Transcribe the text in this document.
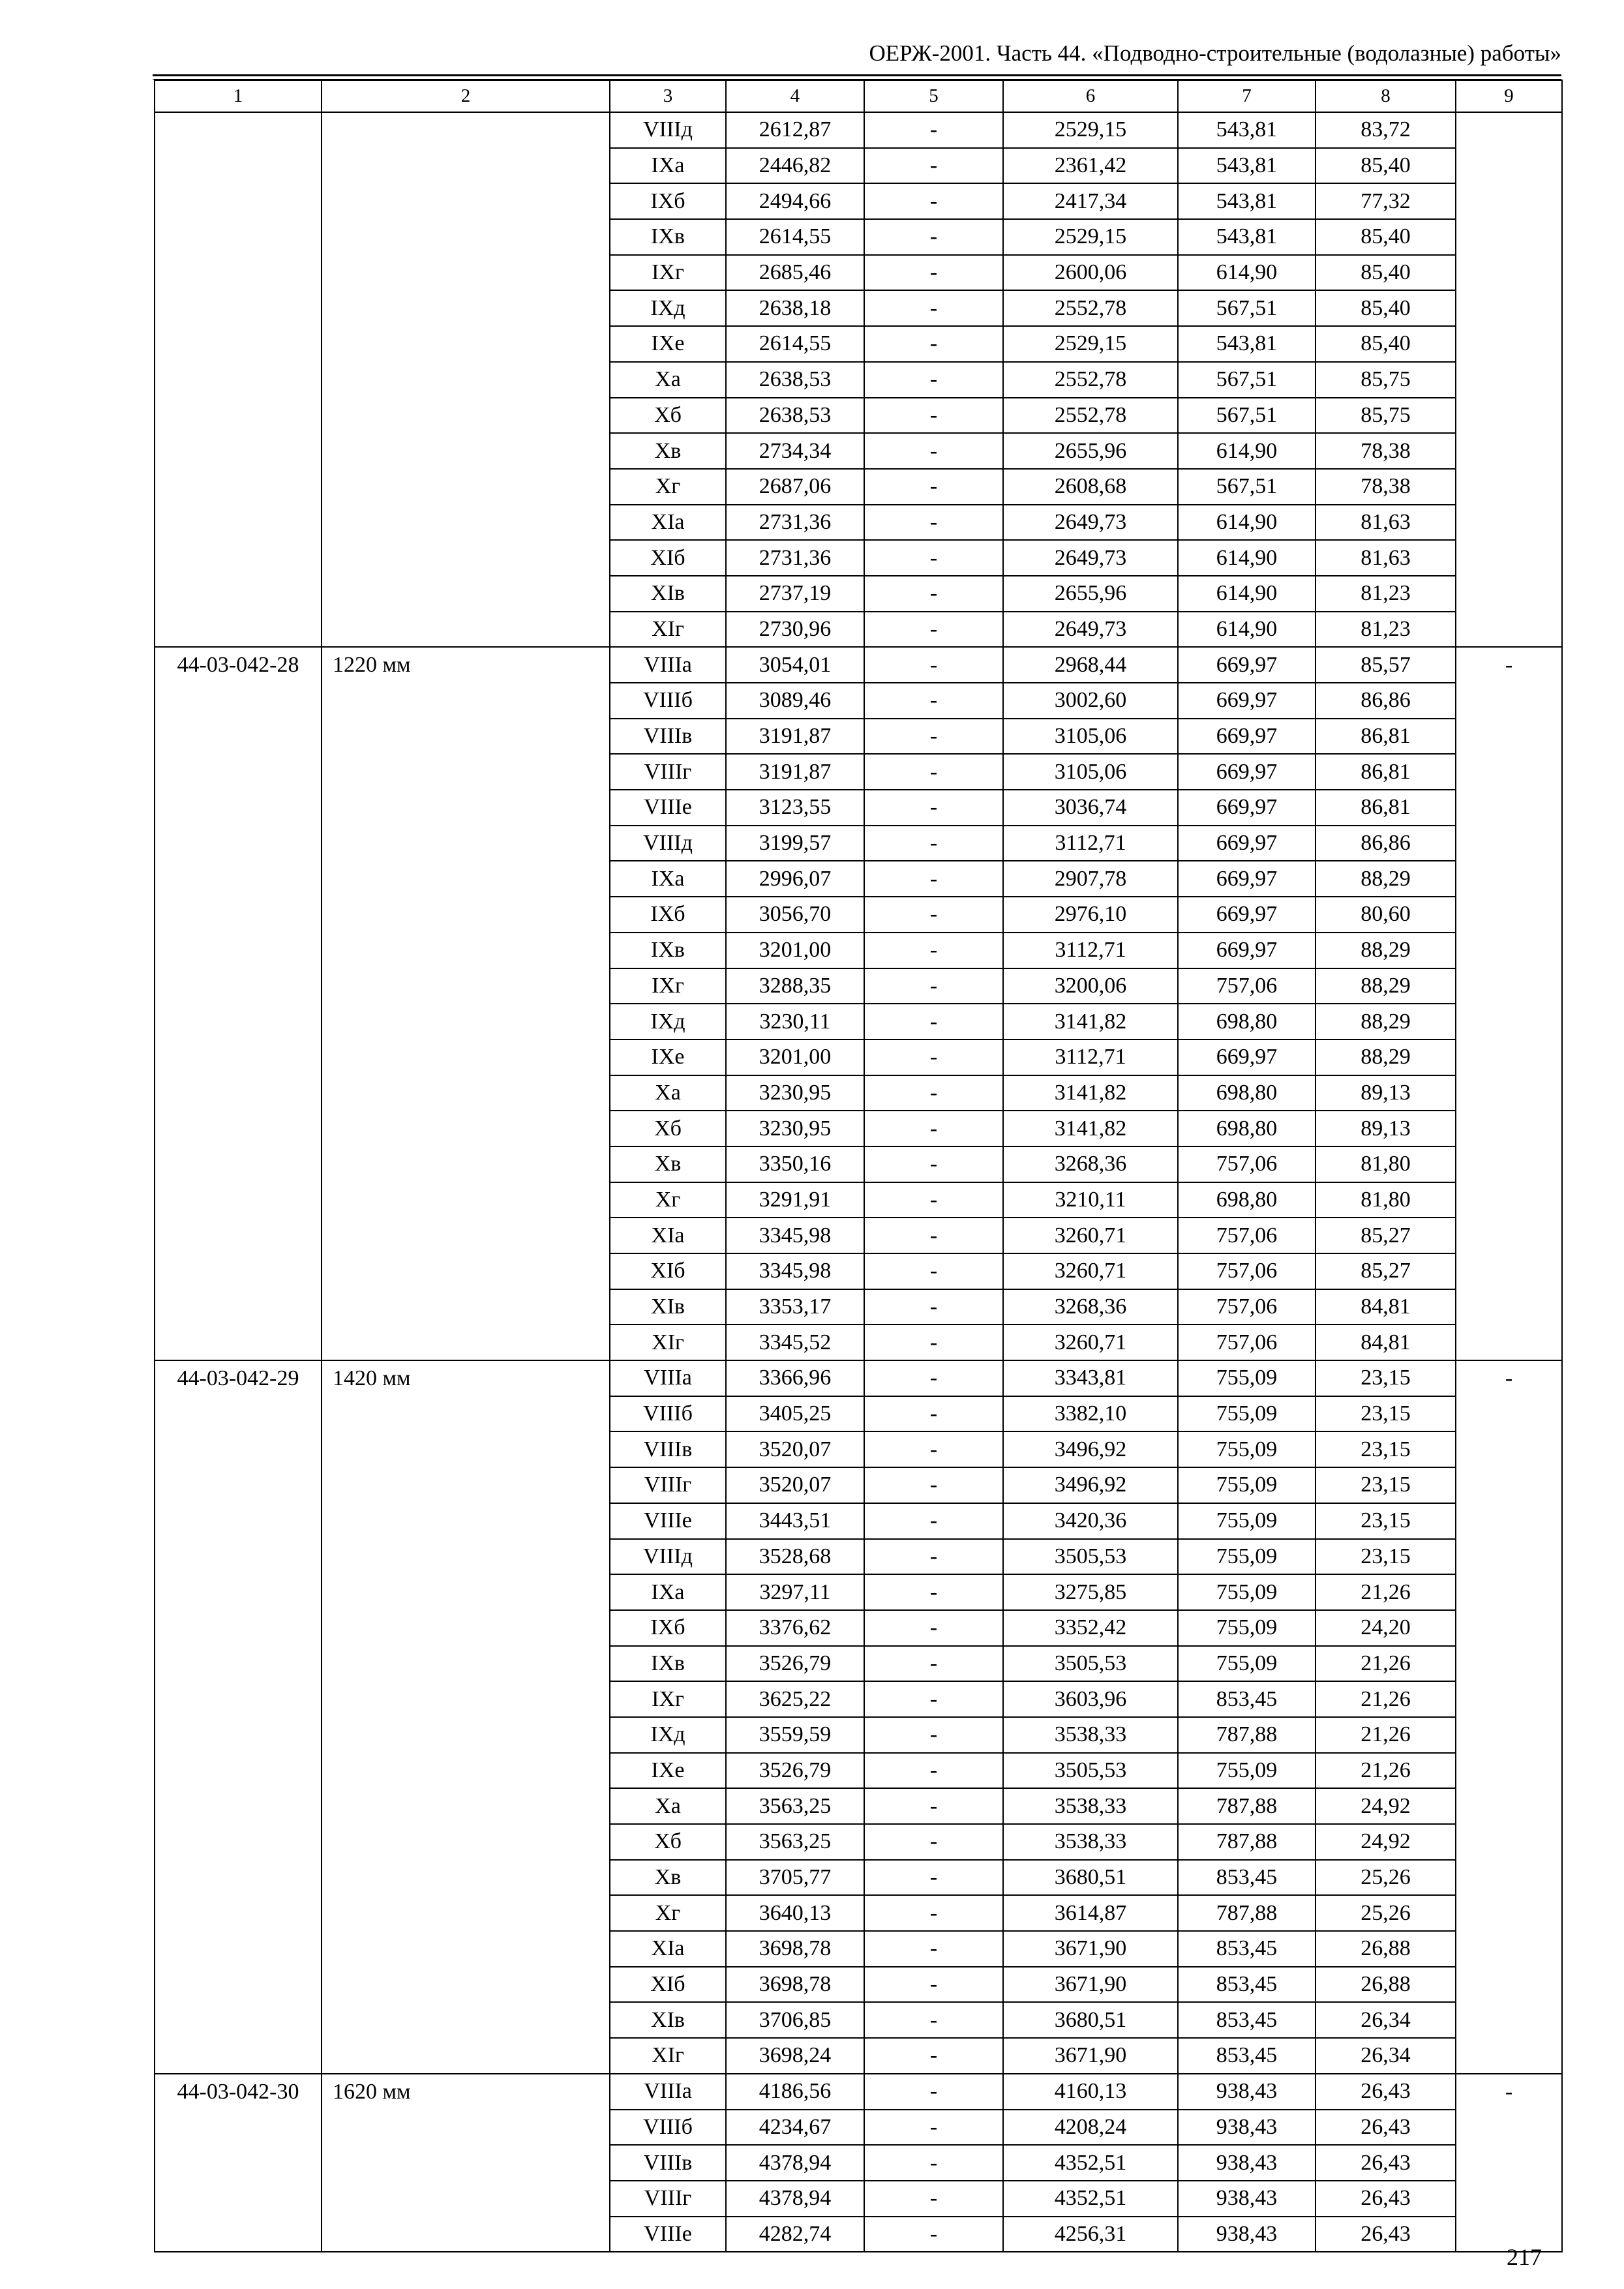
ОЕРЖ-2001. Часть 44. «Подводно-строительные (водолазные) работы»
1	2	3	4	5	6	7	8	9
		VIIIд	2612,87	-	2529,15	543,81	83,72	
		IXа	2446,82	-	2361,42	543,81	85,40	
		IXб	2494,66	-	2417,34	543,81	77,32	
		IXв	2614,55	-	2529,15	543,81	85,40	
		IXг	2685,46	-	2600,06	614,90	85,40	
		IXд	2638,18	-	2552,78	567,51	85,40	
		IXе	2614,55	-	2529,15	543,81	85,40	
		Xа	2638,53	-	2552,78	567,51	85,75	
		Xб	2638,53	-	2552,78	567,51	85,75	
		Xв	2734,34	-	2655,96	614,90	78,38	
		Xг	2687,06	-	2608,68	567,51	78,38	
		XIа	2731,36	-	2649,73	614,90	81,63	
		XIб	2731,36	-	2649,73	614,90	81,63	
		XIв	2737,19	-	2655,96	614,90	81,23	
		XIг	2730,96	-	2649,73	614,90	81,23	
44-03-042-28	1220 мм	VIIIа	3054,01	-	2968,44	669,97	85,57	-
		VIIIб	3089,46	-	3002,60	669,97	86,86	
		VIIIв	3191,87	-	3105,06	669,97	86,81	
		VIIIг	3191,87	-	3105,06	669,97	86,81	
		VIIIе	3123,55	-	3036,74	669,97	86,81	
		VIIIд	3199,57	-	3112,71	669,97	86,86	
		IXа	2996,07	-	2907,78	669,97	88,29	
		IXб	3056,70	-	2976,10	669,97	80,60	
		IXв	3201,00	-	3112,71	669,97	88,29	
		IXг	3288,35	-	3200,06	757,06	88,29	
		IXд	3230,11	-	3141,82	698,80	88,29	
		IXе	3201,00	-	3112,71	669,97	88,29	
		Xа	3230,95	-	3141,82	698,80	89,13	
		Xб	3230,95	-	3141,82	698,80	89,13	
		Xв	3350,16	-	3268,36	757,06	81,80	
		Xг	3291,91	-	3210,11	698,80	81,80	
		XIа	3345,98	-	3260,71	757,06	85,27	
		XIб	3345,98	-	3260,71	757,06	85,27	
		XIв	3353,17	-	3268,36	757,06	84,81	
		XIг	3345,52	-	3260,71	757,06	84,81	
44-03-042-29	1420 мм	VIIIа	3366,96	-	3343,81	755,09	23,15	-
		VIIIб	3405,25	-	3382,10	755,09	23,15	
		VIIIв	3520,07	-	3496,92	755,09	23,15	
		VIIIг	3520,07	-	3496,92	755,09	23,15	
		VIIIе	3443,51	-	3420,36	755,09	23,15	
		VIIIд	3528,68	-	3505,53	755,09	23,15	
		IXа	3297,11	-	3275,85	755,09	21,26	
		IXб	3376,62	-	3352,42	755,09	24,20	
		IXв	3526,79	-	3505,53	755,09	21,26	
		IXг	3625,22	-	3603,96	853,45	21,26	
		IXд	3559,59	-	3538,33	787,88	21,26	
		IXе	3526,79	-	3505,53	755,09	21,26	
		Xа	3563,25	-	3538,33	787,88	24,92	
		Xб	3563,25	-	3538,33	787,88	24,92	
		Xв	3705,77	-	3680,51	853,45	25,26	
		Xг	3640,13	-	3614,87	787,88	25,26	
		XIа	3698,78	-	3671,90	853,45	26,88	
		XIб	3698,78	-	3671,90	853,45	26,88	
		XIв	3706,85	-	3680,51	853,45	26,34	
		XIг	3698,24	-	3671,90	853,45	26,34	
44-03-042-30	1620 мм	VIIIа	4186,56	-	4160,13	938,43	26,43	-
		VIIIб	4234,67	-	4208,24	938,43	26,43	
		VIIIв	4378,94	-	4352,51	938,43	26,43	
		VIIIг	4378,94	-	4352,51	938,43	26,43	
		VIIIе	4282,74	-	4256,31	938,43	26,43	
217
